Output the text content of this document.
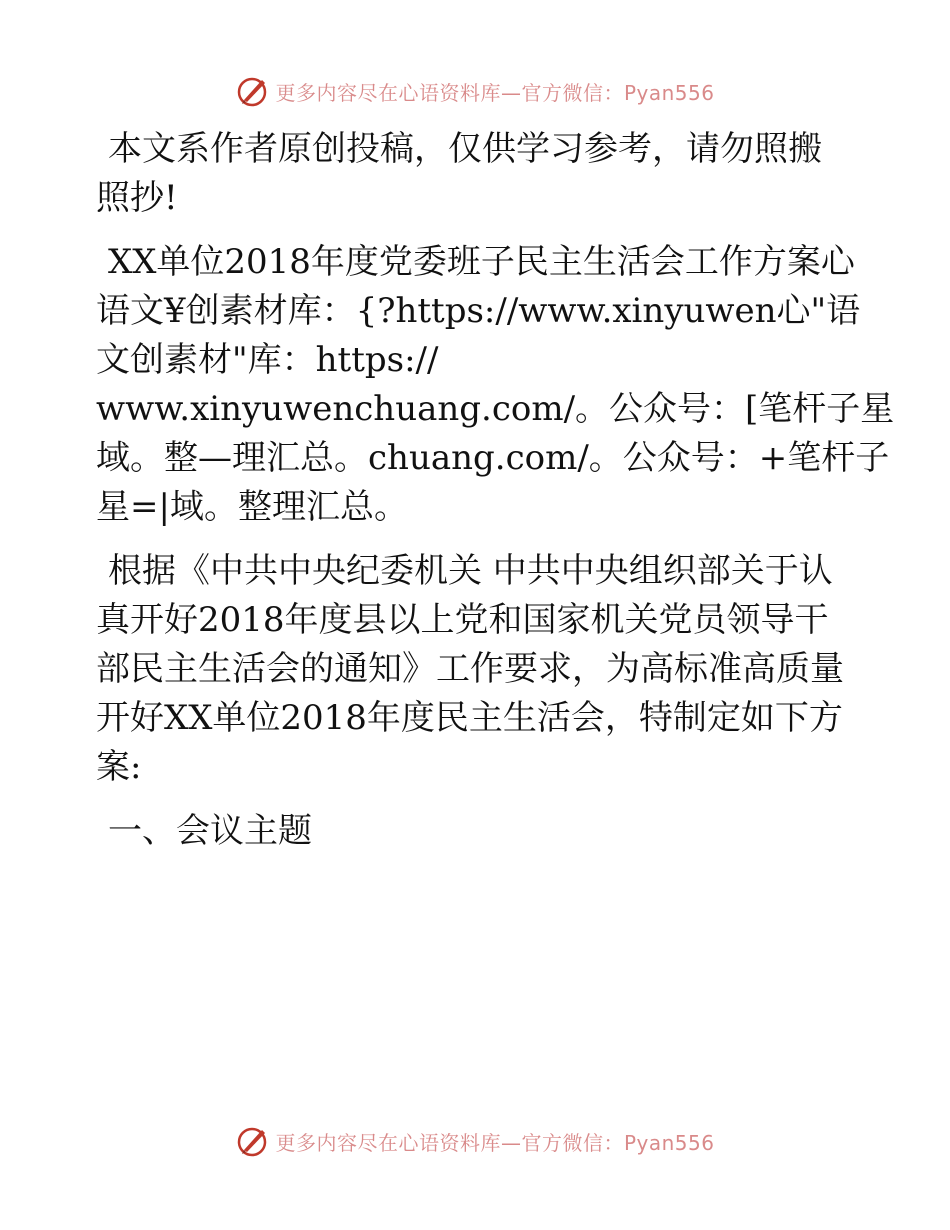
更多内容尽在心语资料库—官方微信：Pyan556

本文系作者原创投稿，仅供学习参考，请勿照搬
照抄!

XX单位2018年度党委班子民主生活会工作方案心
语文¥创素材库：{?https://www.xinyuwen心"语
文创素材"库：https://
www.xinyuwenchuang.com/。公众号：[笔杆子星
域。整—理汇总。chuang.com/。公众号：+笔杆子
星=|域。整理汇总。

根据《中共中央纪委机关 中共中央组织部关于认
真开好2018年度县以上党和国家机关党员领导干
部民主生活会的通知》工作要求，为高标准高质量
开好XX单位2018年度民主生活会，特制定如下方
案:

一、会议主题

更多内容尽在心语资料库—官方微信：Pyan556
